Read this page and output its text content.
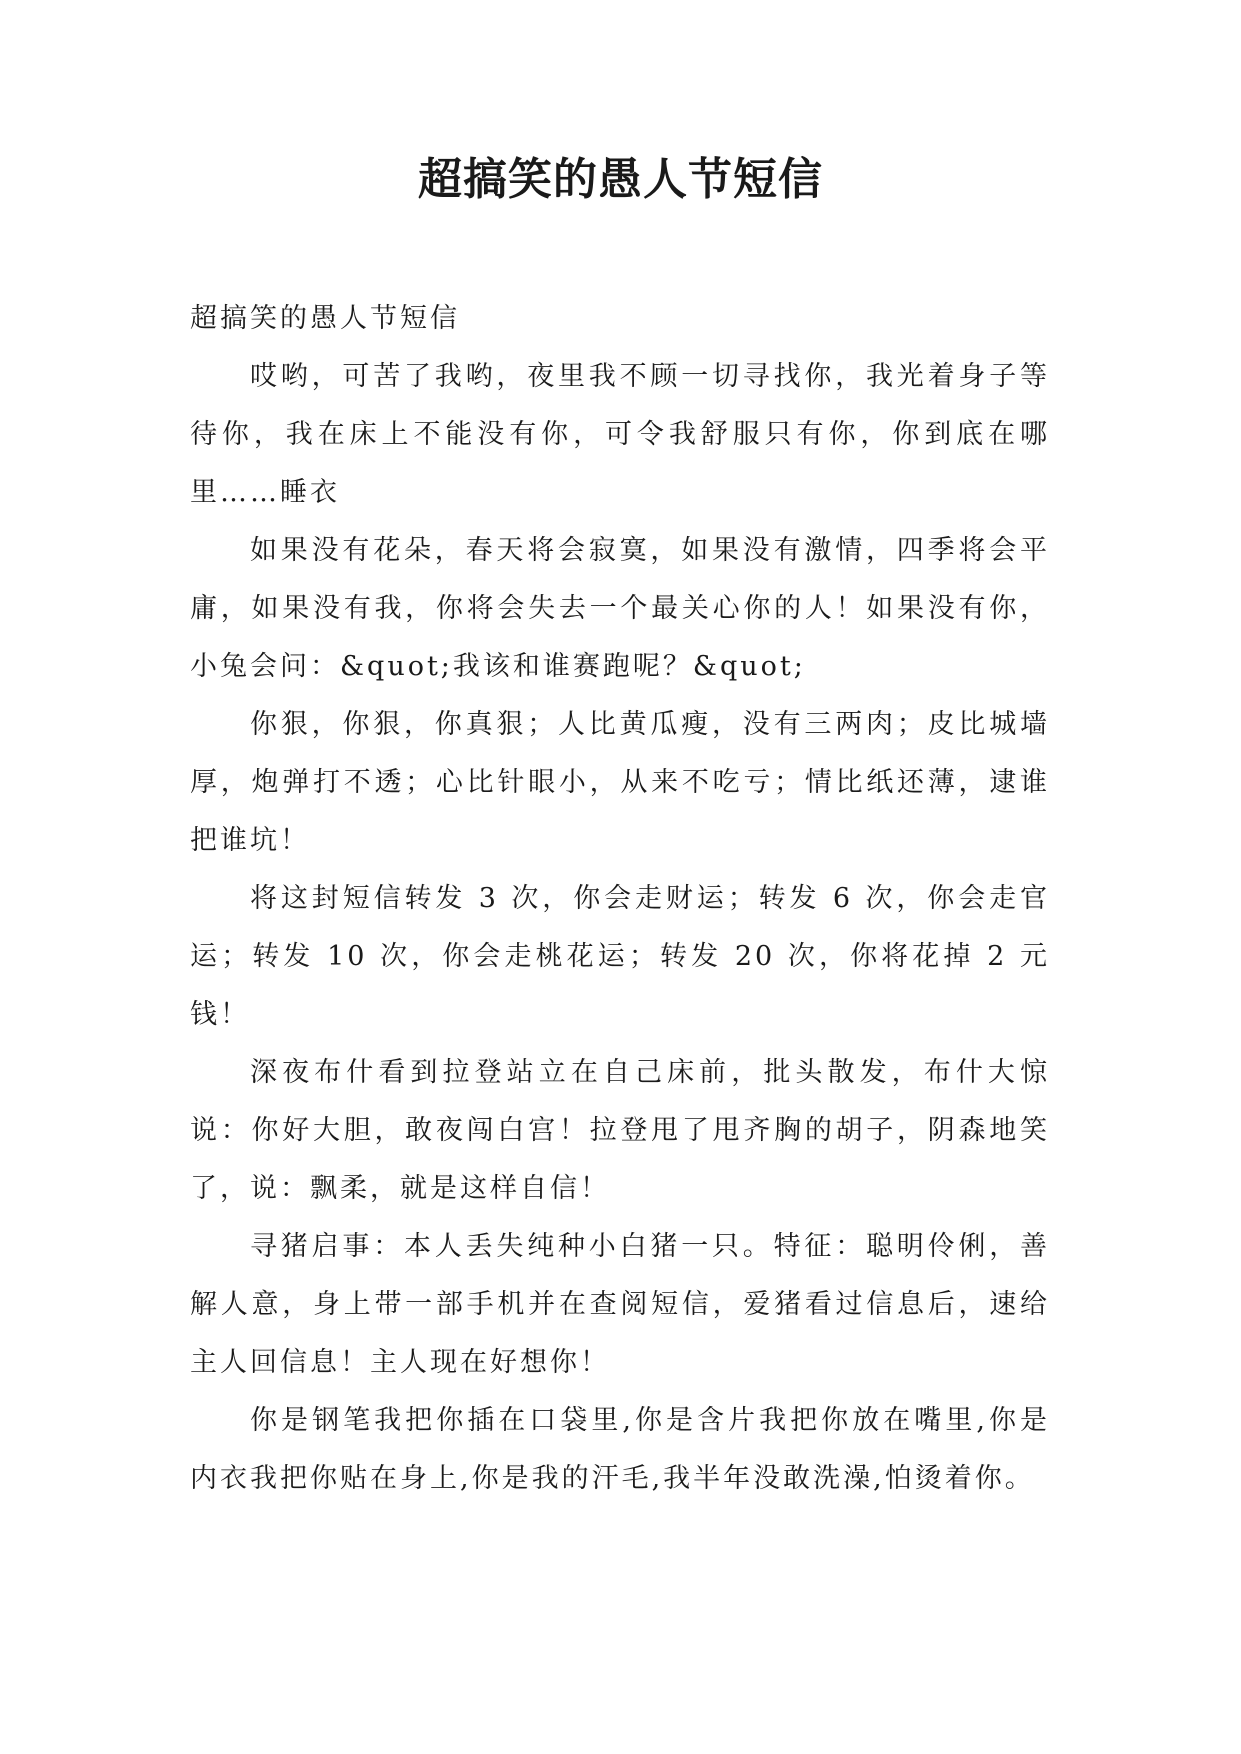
超搞笑的愚人节短信

超搞笑的愚人节短信

哎哟，可苦了我哟，夜里我不顾一切寻找你，我光着身子等待你，我在床上不能没有你，可令我舒服只有你，你到底在哪里……睡衣

如果没有花朵，春天将会寂寞，如果没有激情，四季将会平庸，如果没有我，你将会失去一个最关心你的人！如果没有你，小兔会问：&quot;我该和谁赛跑呢？&quot;

你狠，你狠，你真狠；人比黄瓜瘦，没有三两肉；皮比城墙厚，炮弹打不透；心比针眼小，从来不吃亏；情比纸还薄，逮谁把谁坑！

将这封短信转发 3 次，你会走财运；转发 6 次，你会走官运；转发 10 次，你会走桃花运；转发 20 次，你将花掉 2 元钱！

深夜布什看到拉登站立在自己床前，批头散发，布什大惊说：你好大胆，敢夜闯白宫！拉登甩了甩齐胸的胡子，阴森地笑了，说：飘柔，就是这样自信！

寻猪启事：本人丢失纯种小白猪一只。特征：聪明伶俐，善解人意，身上带一部手机并在查阅短信，爱猪看过信息后，速给主人回信息！主人现在好想你！

你是钢笔我把你插在口袋里,你是含片我把你放在嘴里,你是内衣我把你贴在身上,你是我的汗毛,我半年没敢洗澡,怕烫着你。
